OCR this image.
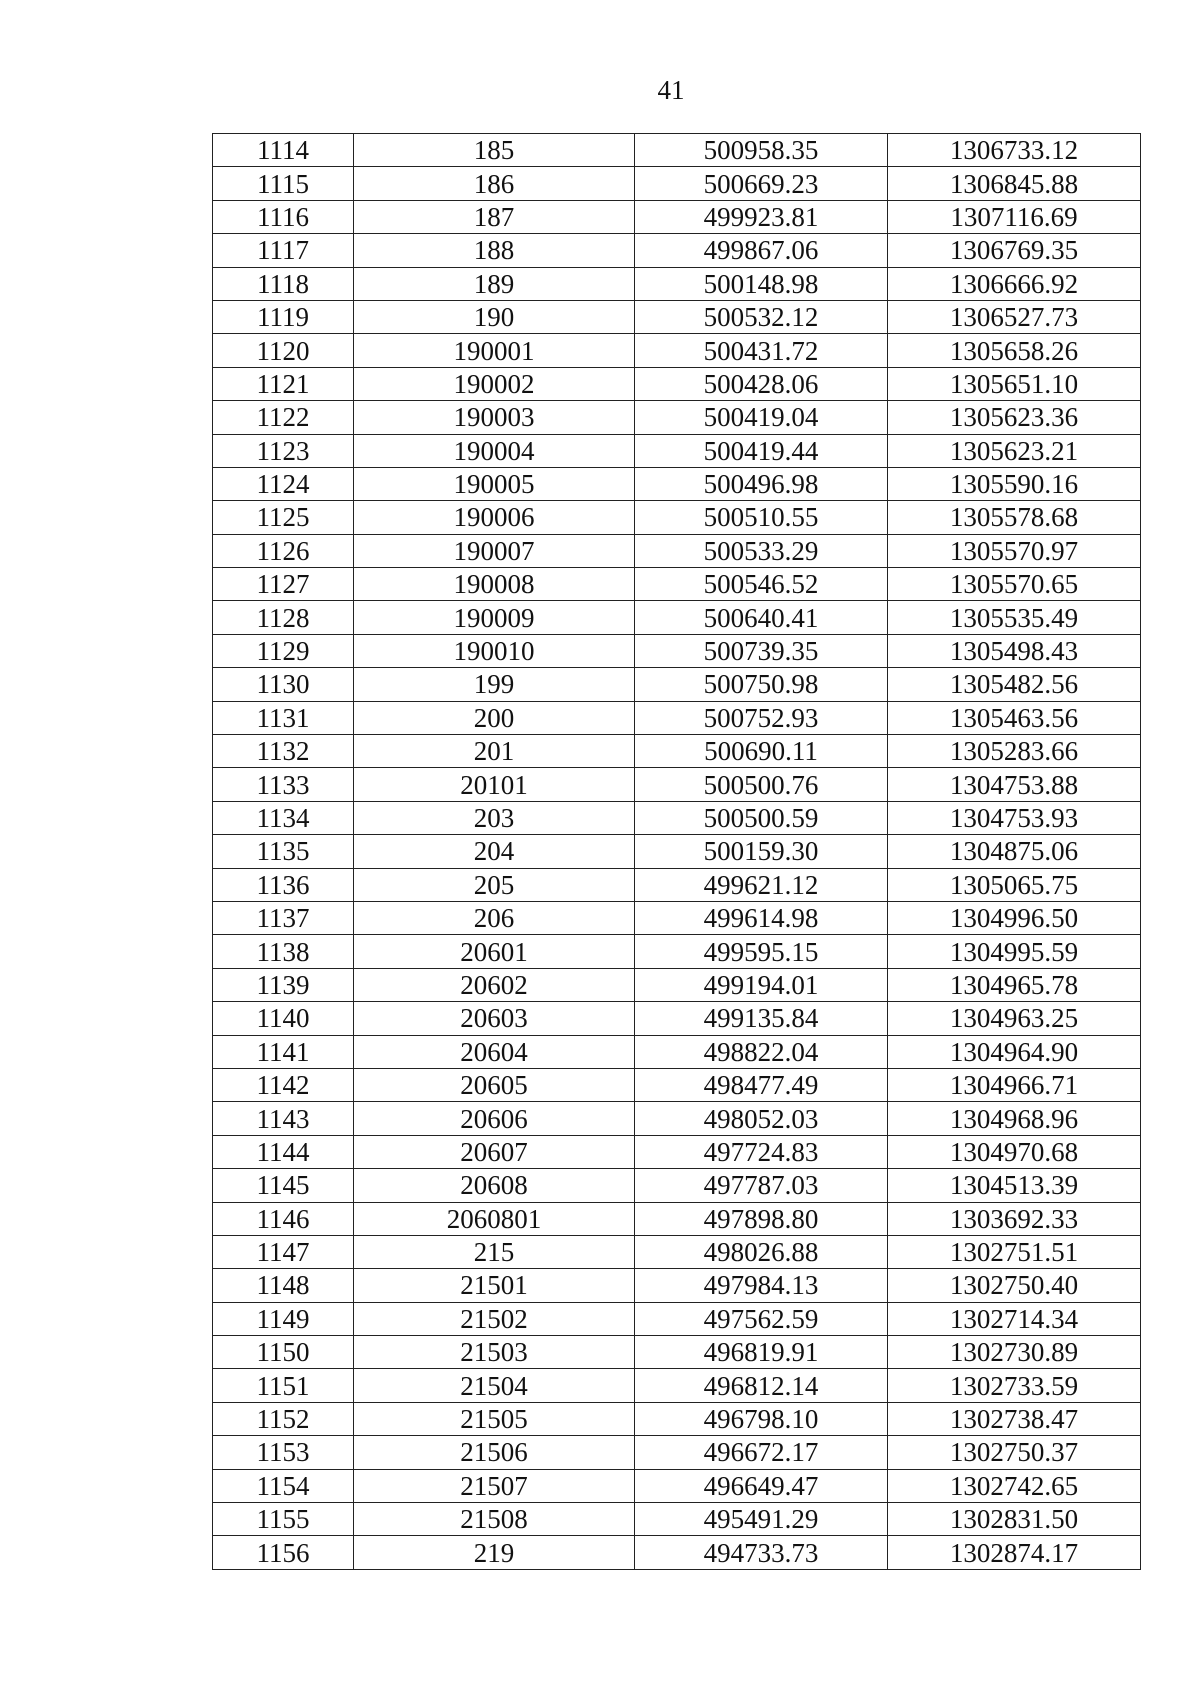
41
1114	185	500958.35	1306733.12
1115	186	500669.23	1306845.88
1116	187	499923.81	1307116.69
1117	188	499867.06	1306769.35
1118	189	500148.98	1306666.92
1119	190	500532.12	1306527.73
1120	190001	500431.72	1305658.26
1121	190002	500428.06	1305651.10
1122	190003	500419.04	1305623.36
1123	190004	500419.44	1305623.21
1124	190005	500496.98	1305590.16
1125	190006	500510.55	1305578.68
1126	190007	500533.29	1305570.97
1127	190008	500546.52	1305570.65
1128	190009	500640.41	1305535.49
1129	190010	500739.35	1305498.43
1130	199	500750.98	1305482.56
1131	200	500752.93	1305463.56
1132	201	500690.11	1305283.66
1133	20101	500500.76	1304753.88
1134	203	500500.59	1304753.93
1135	204	500159.30	1304875.06
1136	205	499621.12	1305065.75
1137	206	499614.98	1304996.50
1138	20601	499595.15	1304995.59
1139	20602	499194.01	1304965.78
1140	20603	499135.84	1304963.25
1141	20604	498822.04	1304964.90
1142	20605	498477.49	1304966.71
1143	20606	498052.03	1304968.96
1144	20607	497724.83	1304970.68
1145	20608	497787.03	1304513.39
1146	2060801	497898.80	1303692.33
1147	215	498026.88	1302751.51
1148	21501	497984.13	1302750.40
1149	21502	497562.59	1302714.34
1150	21503	496819.91	1302730.89
1151	21504	496812.14	1302733.59
1152	21505	496798.10	1302738.47
1153	21506	496672.17	1302750.37
1154	21507	496649.47	1302742.65
1155	21508	495491.29	1302831.50
1156	219	494733.73	1302874.17
